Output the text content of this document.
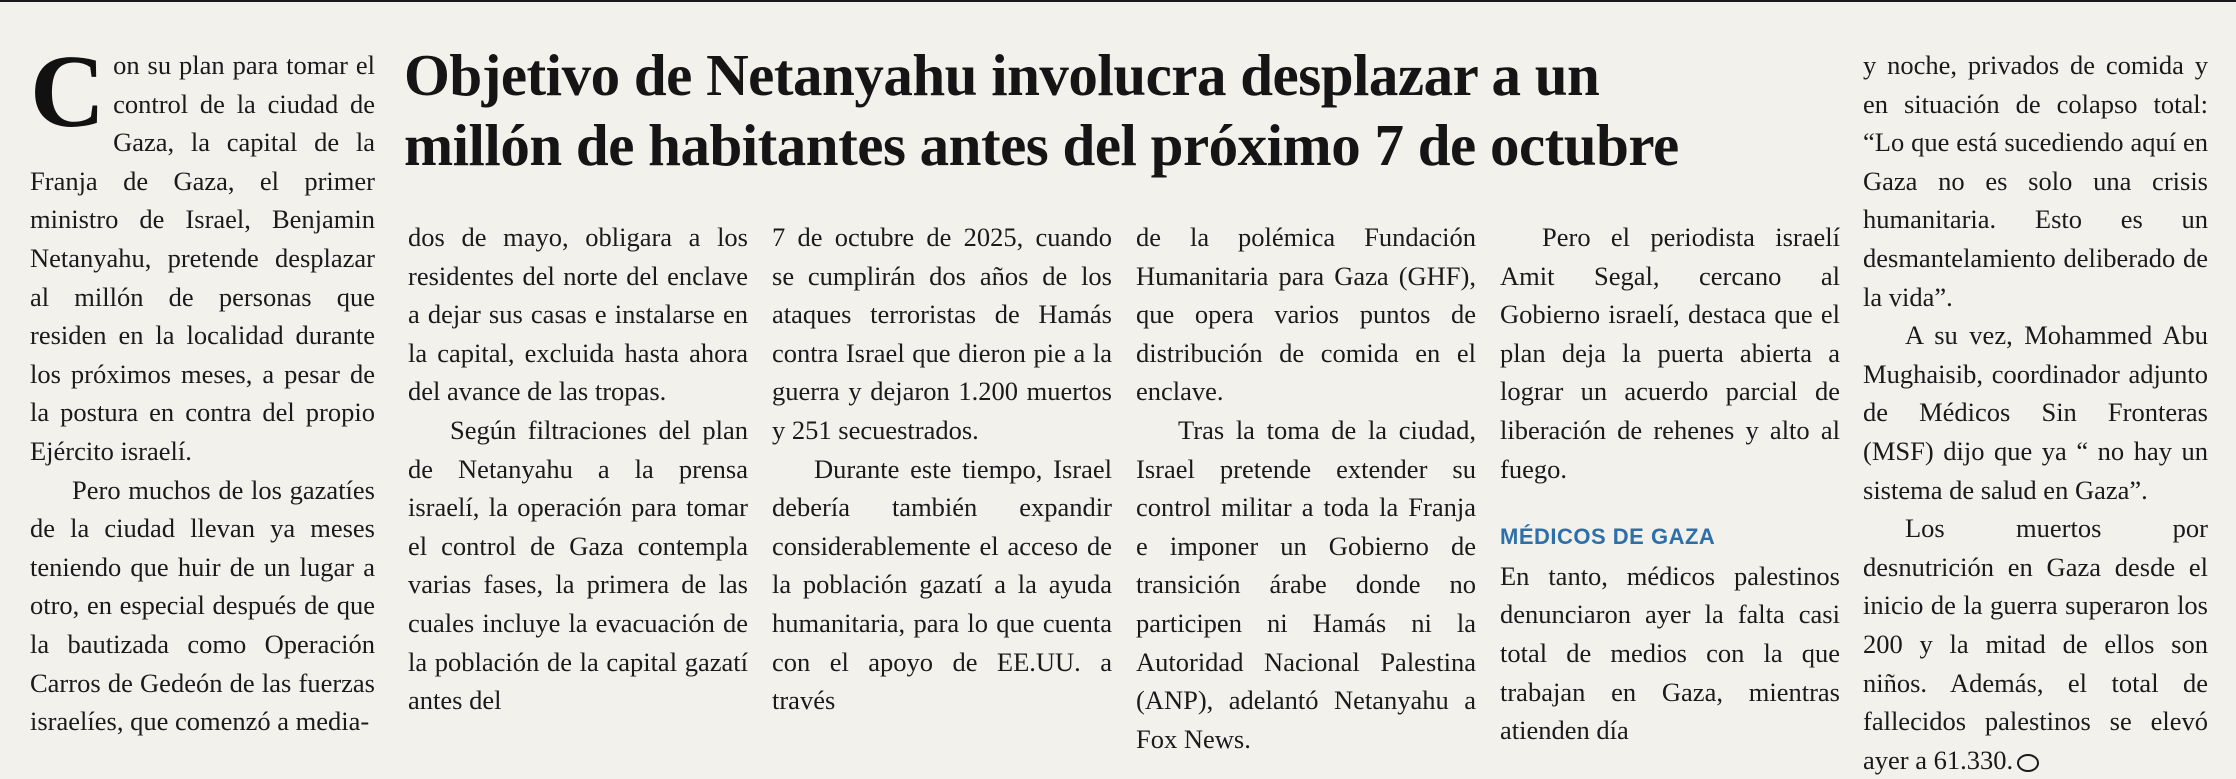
Con su plan para tomar el control de la ciudad de Gaza, la capital de la Franja de Gaza, el primer ministro de Israel, Benjamin Netanyahu, pretende desplazar al millón de personas que residen en la localidad durante los próximos meses, a pesar de la postura en contra del propio Ejército israelí.

Pero muchos de los gazatíes de la ciudad llevan ya meses teniendo que huir de un lugar a otro, en especial después de que la bautizada como Operación Carros de Gedeón de las fuerzas israelíes, que comenzó a media-

Objetivo de Netanyahu involucra desplazar a un
millón de habitantes antes del próximo 7 de octubre

dos de mayo, obligara a los residentes del norte del enclave a dejar sus casas e instalarse en la capital, excluida hasta ahora del avance de las tropas.

Según filtraciones del plan de Netanyahu a la prensa israelí, la operación para tomar el control de Gaza contempla varias fases, la primera de las cuales incluye la evacuación de la población de la capital gazatí antes del

7 de octubre de 2025, cuando se cumplirán dos años de los ataques terroristas de Hamás contra Israel que dieron pie a la guerra y dejaron 1.200 muertos y 251 secuestrados.

Durante este tiempo, Israel debería también expandir considerablemente el acceso de la población gazatí a la ayuda humanitaria, para lo que cuenta con el apoyo de EE.UU. a través

de la polémica Fundación Humanitaria para Gaza (GHF), que opera varios puntos de distribución de comida en el enclave.

Tras la toma de la ciudad, Israel pretende extender su control militar a toda la Franja e imponer un Gobierno de transición árabe donde no participen ni Hamás ni la Autoridad Nacional Palestina (ANP), adelantó Netanyahu a Fox News.

Pero el periodista israelí Amit Segal, cercano al Gobierno israelí, destaca que el plan deja la puerta abierta a lograr un acuerdo parcial de liberación de rehenes y alto al fuego.

MÉDICOS DE GAZA

En tanto, médicos palestinos denunciaron ayer la falta casi total de medios con la que trabajan en Gaza, mientras atienden día

y noche, privados de comida y en situación de colapso total: “Lo que está sucediendo aquí en Gaza no es solo una crisis humanitaria. Esto es un desmantelamiento deliberado de la vida”.

A su vez, Mohammed Abu Mughaisib, coordinador adjunto de Médicos Sin Fronteras (MSF) dijo que ya “ no hay un sistema de salud en Gaza”.

Los muertos por desnutrición en Gaza desde el inicio de la guerra superaron los 200 y la mitad de ellos son niños. Además, el total de fallecidos palestinos se elevó ayer a 61.330.
